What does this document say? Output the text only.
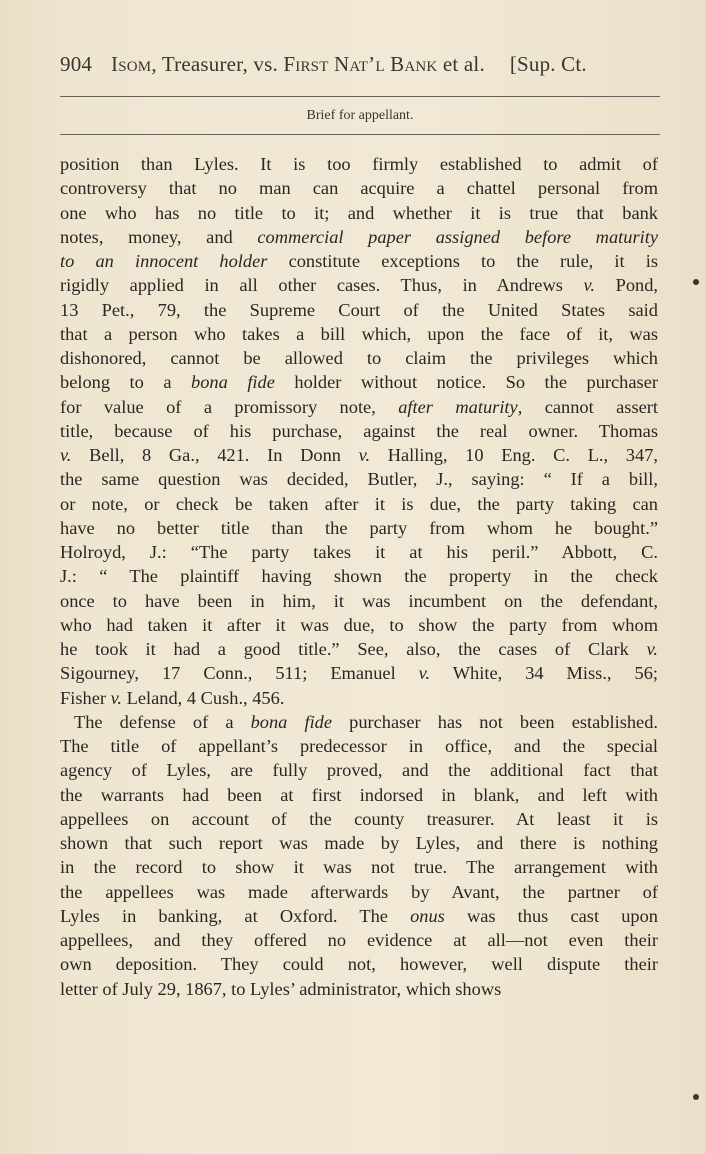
904 Isom, Treasurer, vs. First Nat’l Bank et al. [Sup. Ct.
Brief for appellant.
position than Lyles. It is too firmly established to admit of
controversy that no man can acquire a chattel personal from
one who has no title to it; and whether it is true that bank
notes, money, and commercial paper assigned before maturity
to an innocent holder constitute exceptions to the rule, it is
rigidly applied in all other cases. Thus, in Andrews v. Pond,
13 Pet., 79, the Supreme Court of the United States said
that a person who takes a bill which, upon the face of it, was
dishonored, cannot be allowed to claim the privileges which
belong to a bona fide holder without notice. So the purchaser
for value of a promissory note, after maturity, cannot assert
title, because of his purchase, against the real owner. Thomas
v. Bell, 8 Ga., 421. In Donn v. Halling, 10 Eng. C. L., 347,
the same question was decided, Butler, J., saying: “ If a bill,
or note, or check be taken after it is due, the party taking can
have no better title than the party from whom he bought.”
Holroyd, J.: “The party takes it at his peril.” Abbott, C.
J.: “ The plaintiff having shown the property in the check
once to have been in him, it was incumbent on the defendant,
who had taken it after it was due, to show the party from whom
he took it had a good title.” See, also, the cases of Clark v.
Sigourney, 17 Conn., 511; Emanuel v. White, 34 Miss., 56;
Fisher v. Leland, 4 Cush., 456.
The defense of a bona fide purchaser has not been established.
The title of appellant’s predecessor in office, and the special
agency of Lyles, are fully proved, and the additional fact that
the warrants had been at first indorsed in blank, and left with
appellees on account of the county treasurer. At least it is
shown that such report was made by Lyles, and there is nothing
in the record to show it was not true. The arrangement with
the appellees was made afterwards by Avant, the partner of
Lyles in banking, at Oxford. The onus was thus cast upon
appellees, and they offered no evidence at all—not even their
own deposition. They could not, however, well dispute their
letter of July 29, 1867, to Lyles’ administrator, which shows
